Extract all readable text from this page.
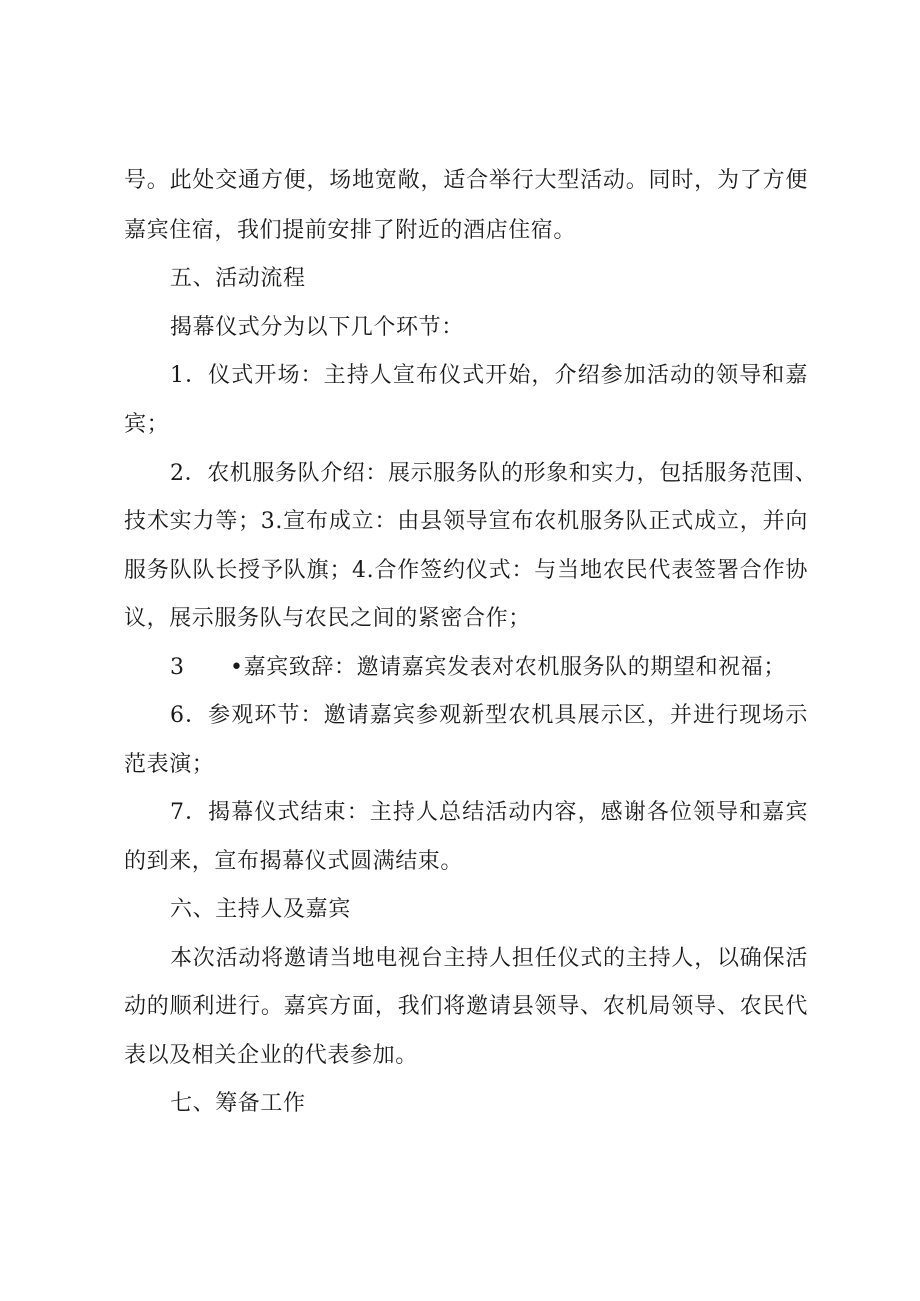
号。此处交通方便，场地宽敞，适合举行大型活动。同时，为了方便
嘉宾住宿，我们提前安排了附近的酒店住宿。
五、活动流程
揭幕仪式分为以下几个环节：
1．仪式开场：主持人宣布仪式开始，介绍参加活动的领导和嘉
宾；
2．农机服务队介绍：展示服务队的形象和实力，包括服务范围、
技术实力等；3.宣布成立：由县领导宣布农机服务队正式成立，并向
服务队队长授予队旗；4.合作签约仪式：与当地农民代表签署合作协
议，展示服务队与农民之间的紧密合作；
3 •嘉宾致辞：邀请嘉宾发表对农机服务队的期望和祝福；
6．参观环节：邀请嘉宾参观新型农机具展示区，并进行现场示
范表演；
7．揭幕仪式结束：主持人总结活动内容，感谢各位领导和嘉宾
的到来，宣布揭幕仪式圆满结束。
六、主持人及嘉宾
本次活动将邀请当地电视台主持人担任仪式的主持人，以确保活
动的顺利进行。嘉宾方面，我们将邀请县领导、农机局领导、农民代
表以及相关企业的代表参加。
七、筹备工作
